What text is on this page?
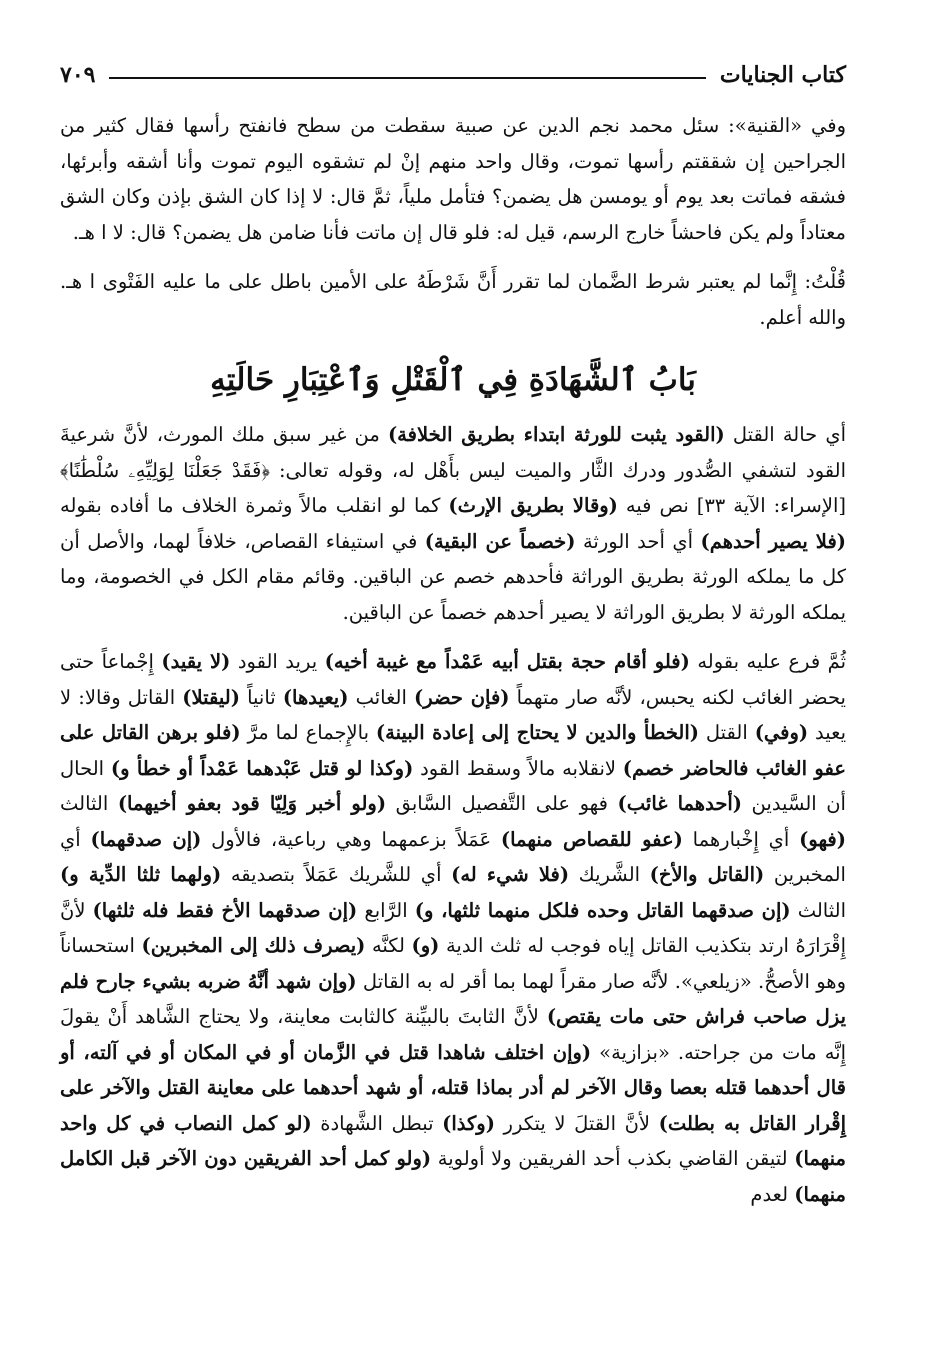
كتاب الجنايات
٧٠٩

وفي «القنية»: سئل محمد نجم الدين عن صبية سقطت من سطح فانفتح رأسها فقال كثير من الجراحين إن شققتم رأسها تموت، وقال واحد منهم إنْ لم تشقوه اليوم تموت وأنا أشقه وأبرئها، فشقه فماتت بعد يوم أو يومسن هل يضمن؟ فتأمل ملياً، ثمَّ قال: لا إذا كان الشق بإذن وكان الشق معتاداً ولم يكن فاحشاً خارج الرسم، قيل له: فلو قال إن ماتت فأنا ضامن هل يضمن؟ قال: لا ا هـ.

قُلْتُ: إِنَّما لم يعتبر شرط الضَّمان لما تقرر أَنَّ شَرْطَهُ على الأمين باطل على ما عليه الفَتْوى ا هـ. والله أعلم.

بَابُ ٱلشَّهَادَةِ فِي ٱلْقَتْلِ وَٱعْتِبَارِ حَالَتِهِ

أي حالة القتل (القود يثبت للورثة ابتداء بطريق الخلافة) من غير سبق ملك المورث، لأنَّ شرعيةَ القود لتشفي الصُّدور ودرك الثَّار والميت ليس بأَهْل له، وقوله تعالى: ﴿فَقَدْ جَعَلْنَا لِوَلِيِّهِۦ سُلْطَٰنًا﴾ [الإسراء: الآية ٣٣] نص فيه (وقالا بطريق الإرث) كما لو انقلب مالاً وثمرة الخلاف ما أفاده بقوله (فلا يصير أحدهم) أي أحد الورثة (خصماً عن البقية) في استيفاء القصاص، خلافاً لهما، والأصل أن كل ما يملكه الورثة بطريق الوراثة فأحدهم خصم عن الباقين. وقائم مقام الكل في الخصومة، وما يملكه الورثة لا بطريق الوراثة لا يصير أحدهم خصماً عن الباقين.

ثُمَّ فرع عليه بقوله (فلو أقام حجة بقتل أبيه عَمْداً مع غيبة أخيه) يريد القود (لا يقيد) إِجْماعاً حتى يحضر الغائب لكنه يحبس، لأنَّه صار متهماً (فإن حضر) الغائب (يعيدها) ثانياً (ليقتلا) القاتل وقالا: لا يعيد (وفي) القتل (الخطأ والدين لا يحتاج إلى إعادة البينة) بالإِجماع لما مرَّ (فلو برهن القاتل على عفو الغائب فالحاضر خصم) لانقلابه مالاً وسقط القود (وكذا لو قتل عَبْدهما عَمْداً أو خطأ و) الحال أن السَّيدين (أحدهما غائب) فهو على التَّفصيل السَّابق (ولو أخبر وَلِيّا قود بعفو أخيهما) الثالث (فهو) أي إِخْبارهما (عفو للقصاص منهما) عَمَلاً بزعمهما وهي رباعية، فالأول (إن صدقهما) أي المخبرين (القاتل والأخ) الشَّريك (فلا شيء له) أي للشَّريك عَمَلاً بتصديقه (ولهما ثلثا الدِّية و) الثالث (إن صدقهما القاتل وحده فلكل منهما ثلثها، و) الرَّابع (إن صدقهما الأخ فقط فله ثلثها) لأنَّ إِقْرَارَهُ ارتد بتكذيب القاتل إياه فوجب له ثلث الدية (و) لكنَّه (يصرف ذلك إلى المخبرين) استحساناً وهو الأصحُّ. «زيلعي». لأنَّه صار مقراً لهما بما أقر له به القاتل (وإن شهد أنَّهُ ضربه بشيء جارح فلم يزل صاحب فراش حتى مات يقتص) لأنَّ الثابتَ بالبيِّنة كالثابت معاينة، ولا يحتاج الشَّاهد أَنْ يقولَ إِنَّه مات من جراحته. «بزازية» (وإن اختلف شاهدا قتل في الزَّمان أو في المكان أو في آلته، أو قال أحدهما قتله بعصا وقال الآخر لم أدر بماذا قتله، أو شهد أحدهما على معاينة القتل والآخر على إِقْرار القاتل به بطلت) لأنَّ القتلَ لا يتكرر (وكذا) تبطل الشَّهادة (لو كمل النصاب في كل واحد منهما) لتيقن القاضي بكذب أحد الفريقين ولا أولوية (ولو كمل أحد الفريقين دون الآخر قبل الكامل منهما) لعدم
